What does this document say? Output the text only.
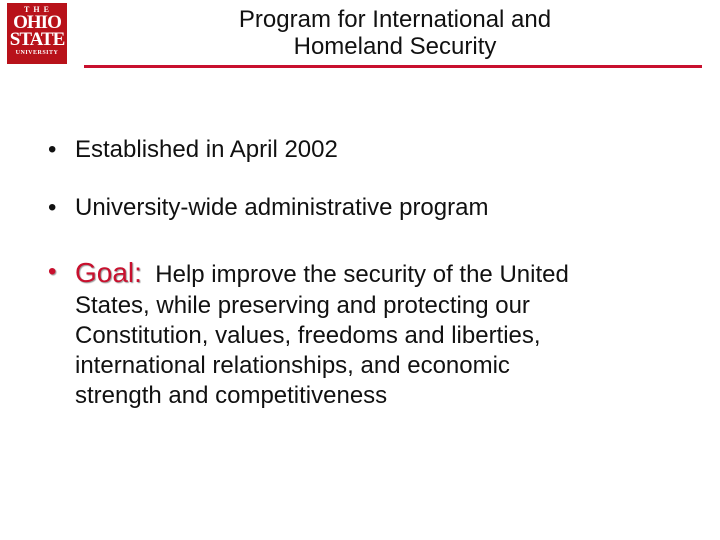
THE
OHIO
STATE
UNIVERSITY
Program for International and
Homeland Security
• Established in April 2002
• University-wide administrative program
• Goal: Help improve the security of the United
States, while preserving and protecting our
Constitution, values, freedoms and liberties,
international relationships, and economic
strength and competitiveness
